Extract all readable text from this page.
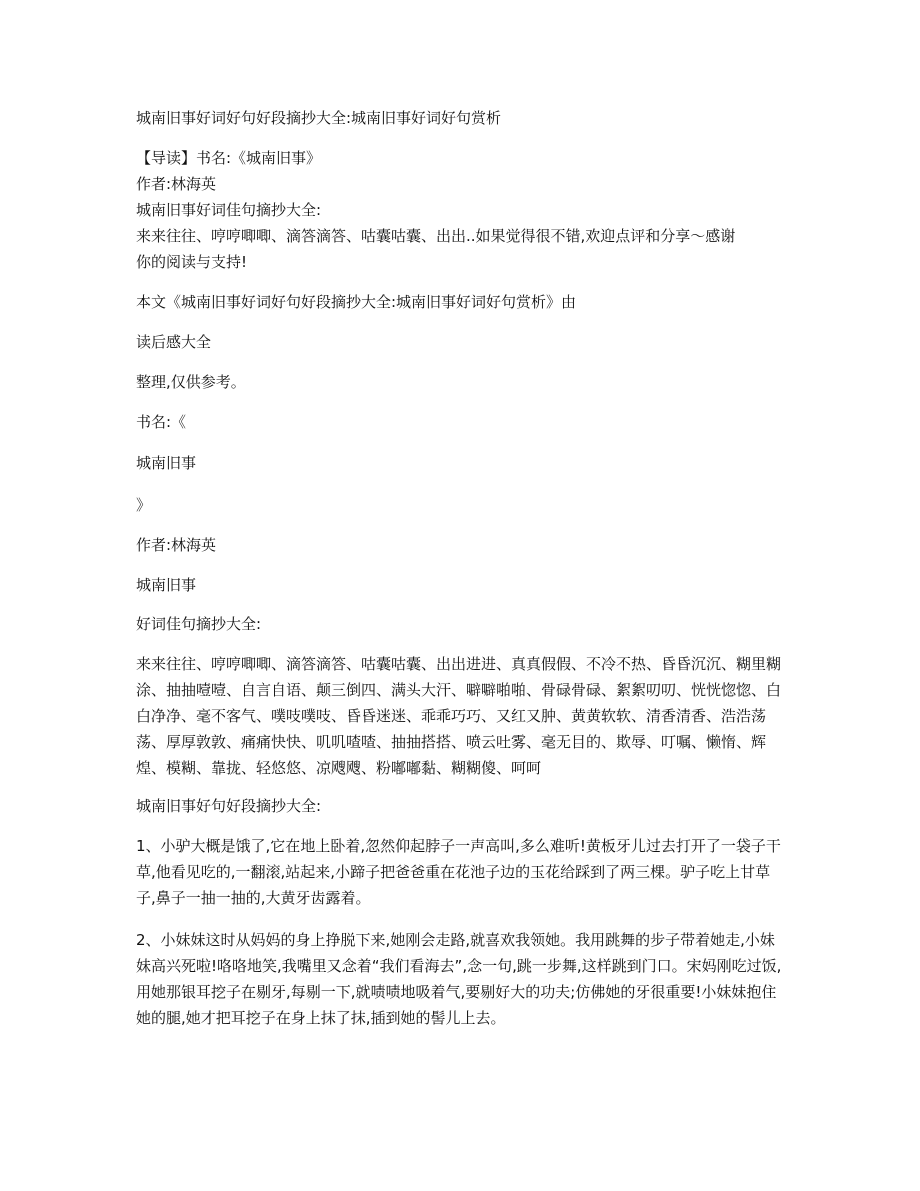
城南旧事好词好句好段摘抄大全:城南旧事好词好句赏析
【导读】书名:《城南旧事》
作者:林海英
城南旧事好词佳句摘抄大全:
来来往往、哼哼唧唧、滴答滴答、咕囊咕囊、出出..如果觉得很不错,欢迎点评和分享～感谢
你的阅读与支持!
本文《城南旧事好词好句好段摘抄大全:城南旧事好词好句赏析》由
读后感大全
整理,仅供参考。
书名:《
城南旧事
》
作者:林海英
城南旧事
好词佳句摘抄大全:
来来往往、哼哼唧唧、滴答滴答、咕囊咕囊、出出进进、真真假假、不冷不热、昏昏沉沉、糊里糊涂、抽抽噎噎、自言自语、颠三倒四、满头大汗、噼噼啪啪、骨碌骨碌、絮絮叨叨、恍恍惚惚、白白净净、毫不客气、噗吱噗吱、昏昏迷迷、乖乖巧巧、又红又肿、黄黄软软、清香清香、浩浩荡荡、厚厚敦敦、痛痛快快、叽叽喳喳、抽抽搭搭、喷云吐雾、毫无目的、欺辱、叮嘱、懒惰、辉煌、模糊、靠拢、轻悠悠、凉飕飕、粉嘟嘟黏、糊糊傻、呵呵
城南旧事好句好段摘抄大全:
1、小驴大概是饿了,它在地上卧着,忽然仰起脖子一声高叫,多么难听!黄板牙儿过去打开了一袋子干草,他看见吃的,一翻滚,站起来,小蹄子把爸爸重在花池子边的玉花给踩到了两三棵。驴子吃上甘草子,鼻子一抽一抽的,大黄牙齿露着。
2、小妹妹这时从妈妈的身上挣脱下来,她刚会走路,就喜欢我领她。我用跳舞的步子带着她走,小妹妹高兴死啦!咯咯地笑,我嘴里又念着“我们看海去”,念一句,跳一步舞,这样跳到门口。宋妈刚吃过饭,用她那银耳挖子在剔牙,每剔一下,就啧啧地吸着气,要剔好大的功夫;仿佛她的牙很重要!小妹妹抱住她的腿,她才把耳挖子在身上抹了抹,插到她的髻儿上去。
